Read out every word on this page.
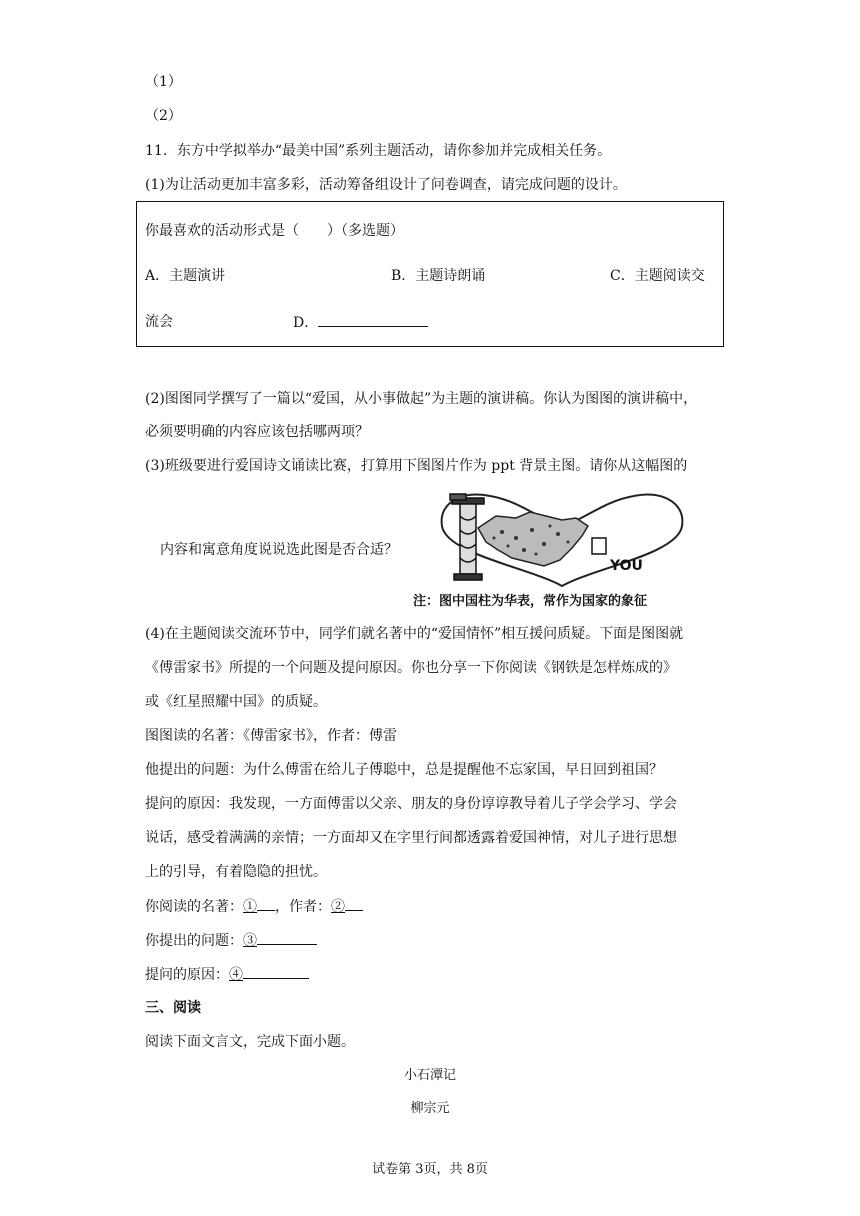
（1）
（2）
11．东方中学拟举办“最美中国”系列主题活动，请你参加并完成相关任务。
(1)为让活动更加丰富多彩，活动筹备组设计了问卷调查，请完成问题的设计。
你最喜欢的活动形式是（　　）（多选题）
A．主题演讲	B．主题诗朗诵	C．主题阅读交
流会	D．
(2)图图同学撰写了一篇以“爱国，从小事做起”为主题的演讲稿。你认为图图的演讲稿中，
必须要明确的内容应该包括哪两项？
(3)班级要进行爱国诗文诵读比赛，打算用下图图片作为 ppt 背景主图。请你从这幅图的
内容和寓意角度说说选此图是否合适？
YOU
注：图中国柱为华表，常作为国家的象征
(4)在主题阅读交流环节中，同学们就名著中的“爱国情怀”相互援问质疑。下面是图图就
《傅雷家书》所提的一个问题及提问原因。你也分享一下你阅读《钢铁是怎样炼成的》
或《红星照耀中国》的质疑。
图图读的名著：《傅雷家书》，作者：傅雷
他提出的问题：为什么傅雷在给儿子傅聪中，总是提醒他不忘家国，早日回到祖国？
提问的原因：我发现，一方面傅雷以父亲、朋友的身份谆谆教导着儿子学会学习、学会
说话，感受着满满的亲情；一方面却又在字里行间都透露着爱国神情，对儿子进行思想
上的引导，有着隐隐的担忧。
你阅读的名著：① ，作者：②
你提出的问题：③
提问的原因：④
三、阅读
阅读下面文言文，完成下面小题。
小石潭记
柳宗元
试卷第 3页，共 8页
